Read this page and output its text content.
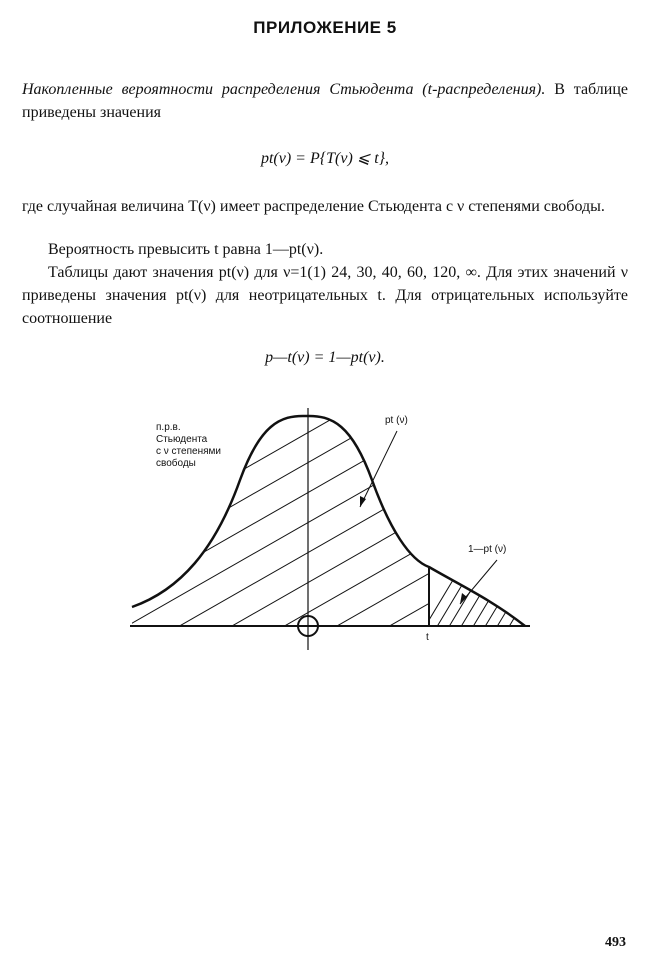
ПРИЛОЖЕНИЕ 5
Накопленные вероятности распределения Стьюдента (t-распределения). В таблице приведены значения
pt(ν) = P{T(ν) ⩽ t},
где случайная величина T(ν) имеет распределение Стьюдента с ν степенями свободы.
Вероятность превысить t равна 1—pt(ν).
Таблицы дают значения pt(ν) для ν=1(1) 24, 30, 40, 60, 120, ∞. Для этих значений ν приведены значения pt(ν) для неотрицательных t. Для отрицательных используйте соотношение
p—t(ν) = 1—pt(ν).
п.р.в.
Стьюдента
с ν степенями
свободы
pt (ν)
1—pt (ν)
t
493
